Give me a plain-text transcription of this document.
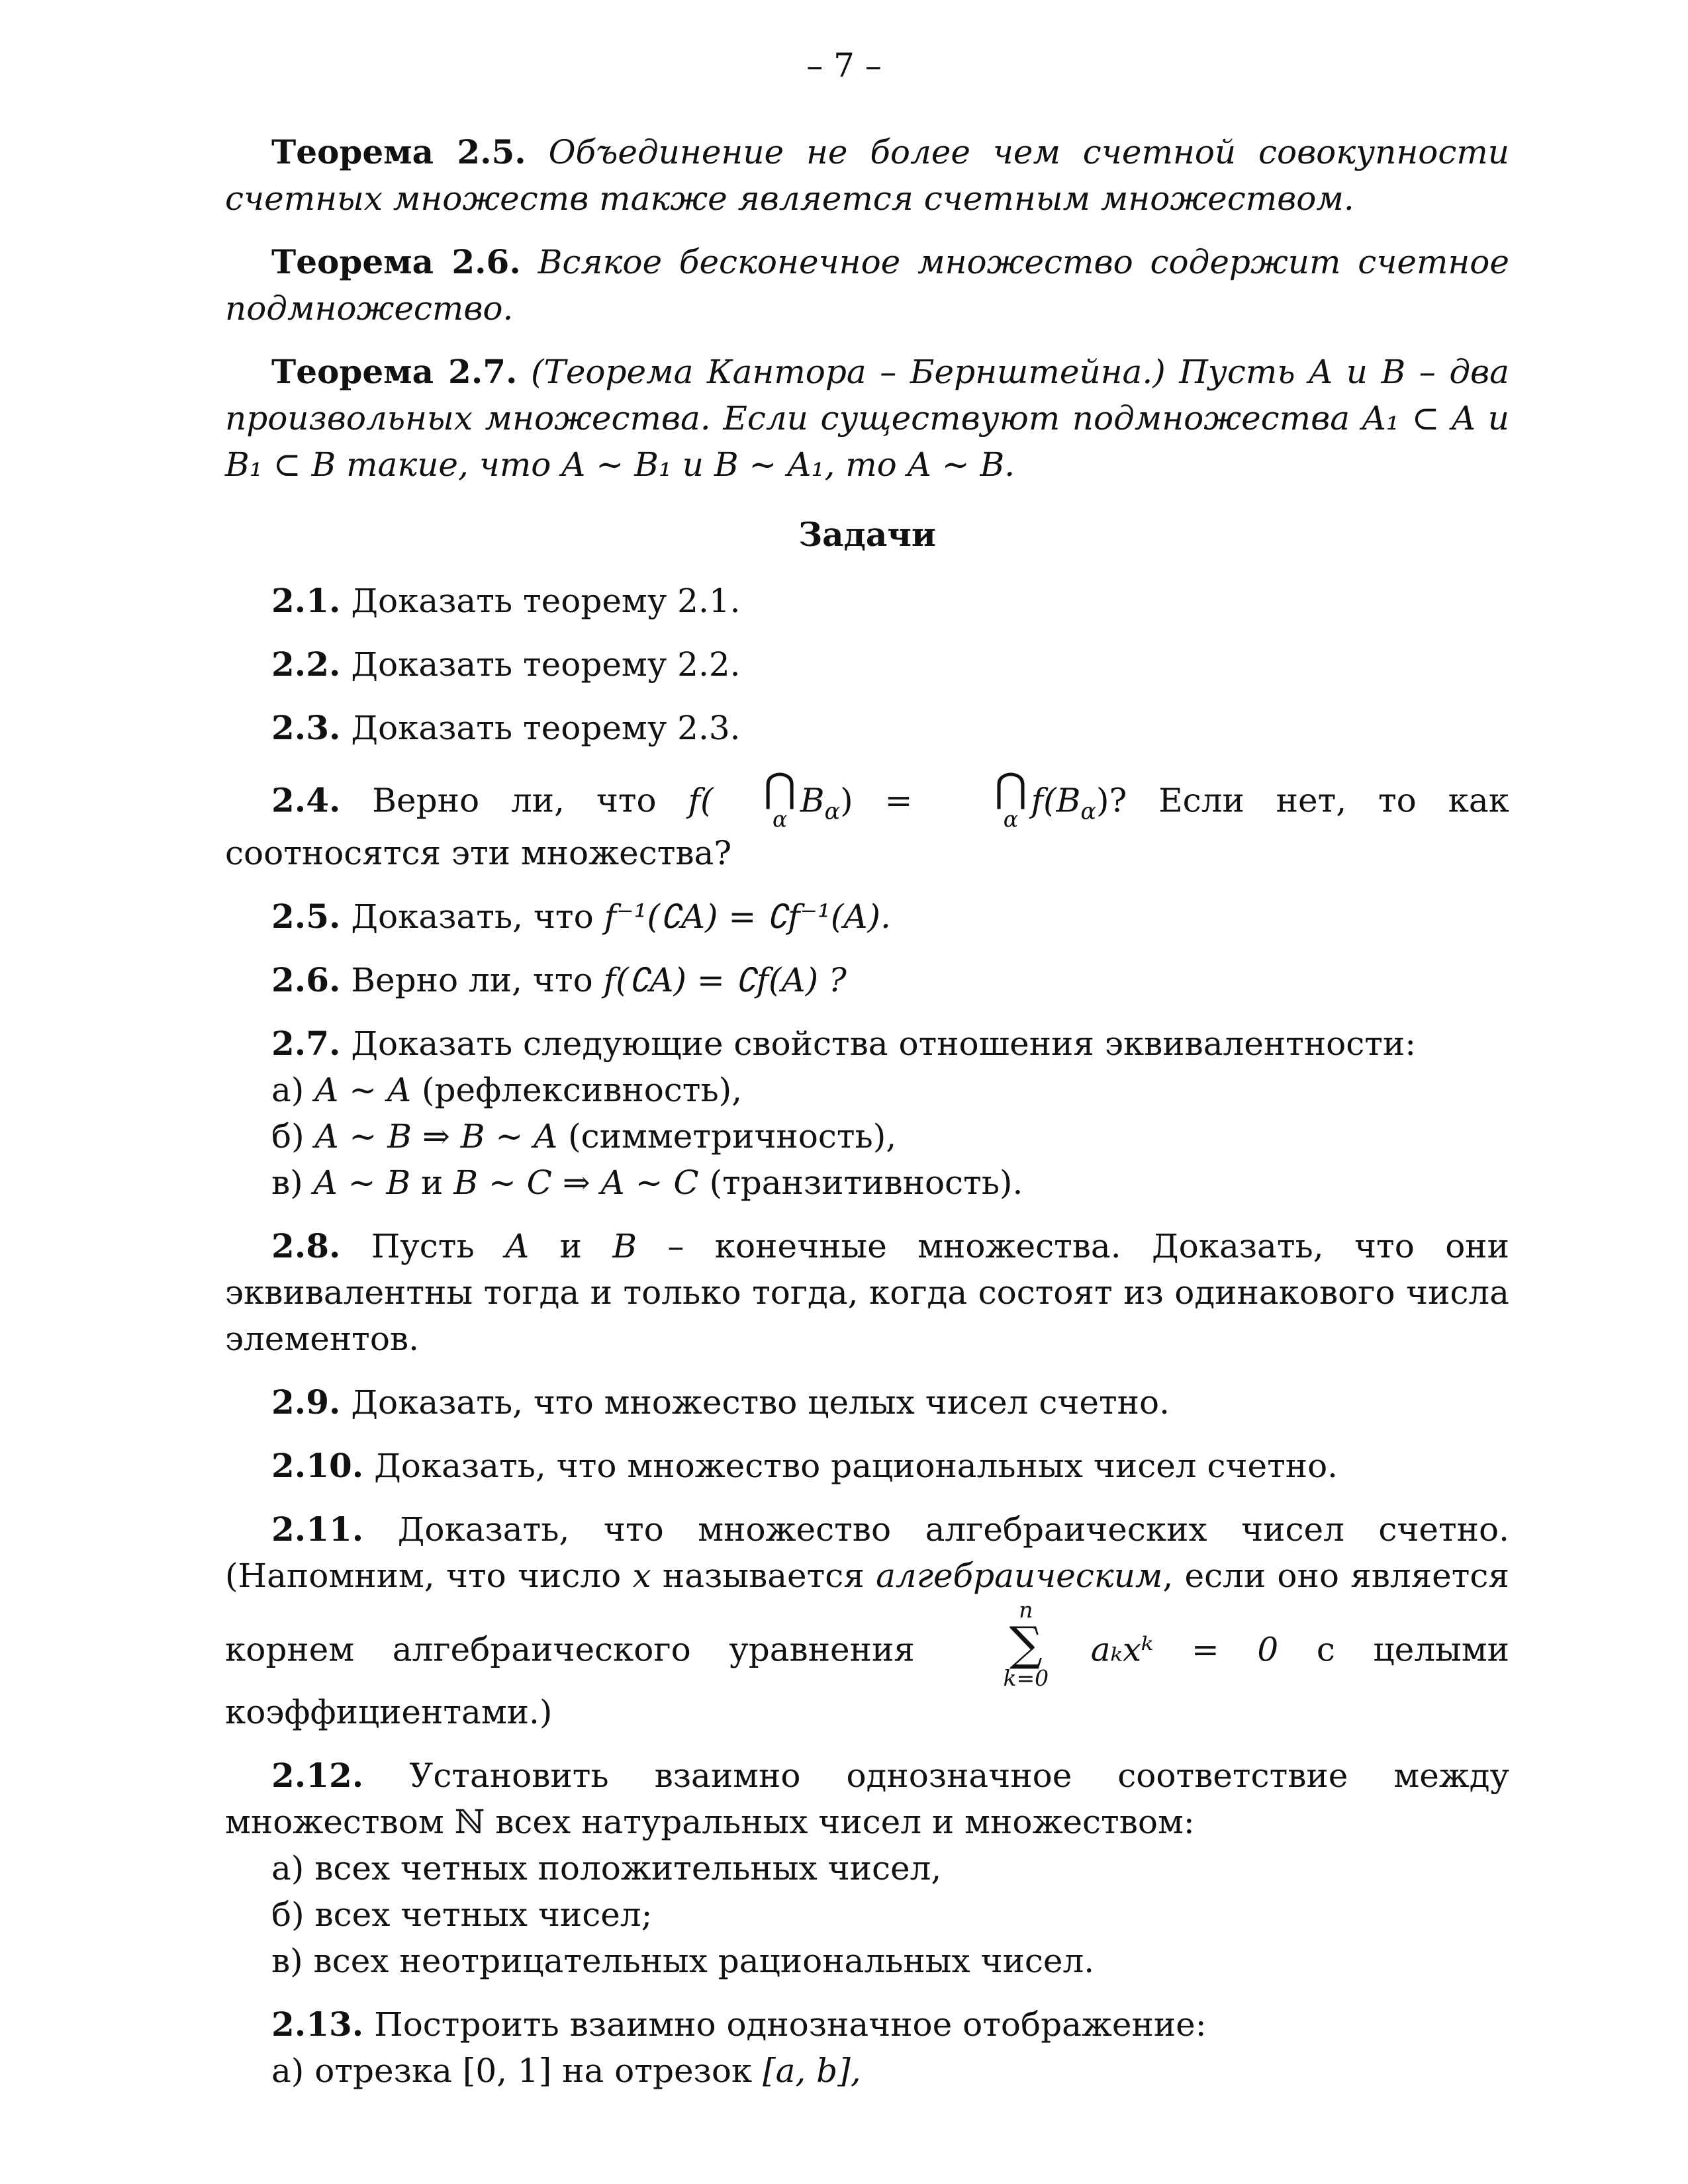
– 7 –

Теорема 2.5. Объединение не более чем счетной совокупности счетных множеств также является счетным множеством.

Теорема 2.6. Всякое бесконечное множество содержит счетное подмножество.

Теорема 2.7. (Теорема Кантора – Бернштейна.) Пусть A и B – два произвольных множества. Если существуют подмножества A₁ ⊂ A и B₁ ⊂ B такие, что A ∼ B₁ и B ∼ A₁, то A ∼ B.

Задачи

2.1. Доказать теорему 2.1.

2.2. Доказать теорему 2.2.

2.3. Доказать теорему 2.3.

2.4. Верно ли, что f(	⋂
α $B_\alpha$) =	⋂
α $f(B_\alpha)$? Если нет, то как соотносятся эти множества?

2.5. Доказать, что f⁻¹(∁A) = ∁f⁻¹(A).

2.6. Верно ли, что f(∁A) = ∁f(A) ?

2.7. Доказать следующие свойства отношения эквивалентности:

а) A ∼ A (рефлексивность),
б) A ∼ B ⇒ B ∼ A (симметричность),
в) A ∼ B и B ∼ C ⇒ A ∼ C (транзитивность).

2.8. Пусть A и B – конечные множества. Доказать, что они эквивалентны тогда и только тогда, когда состоят из одинакового числа элементов.

2.9. Доказать, что множество целых чисел счетно.

2.10. Доказать, что множество рациональных чисел счетно.

2.11. Доказать, что множество алгебраических чисел счетно. (Напомним, что число x называется алгебраическим, если оно является корнем алгебраического уравнения
n
∑
k=0
aₖxᵏ = 0 с целыми коэффициентами.)

2.12. Установить взаимно однозначное соответствие между множеством ℕ всех натуральных чисел и множеством:

а) всех четных положительных чисел,
б) всех четных чисел;
в) всех неотрицательных рациональных чисел.

2.13. Построить взаимно однозначное отображение:

а) отрезка [0, 1] на отрезок [a, b],
